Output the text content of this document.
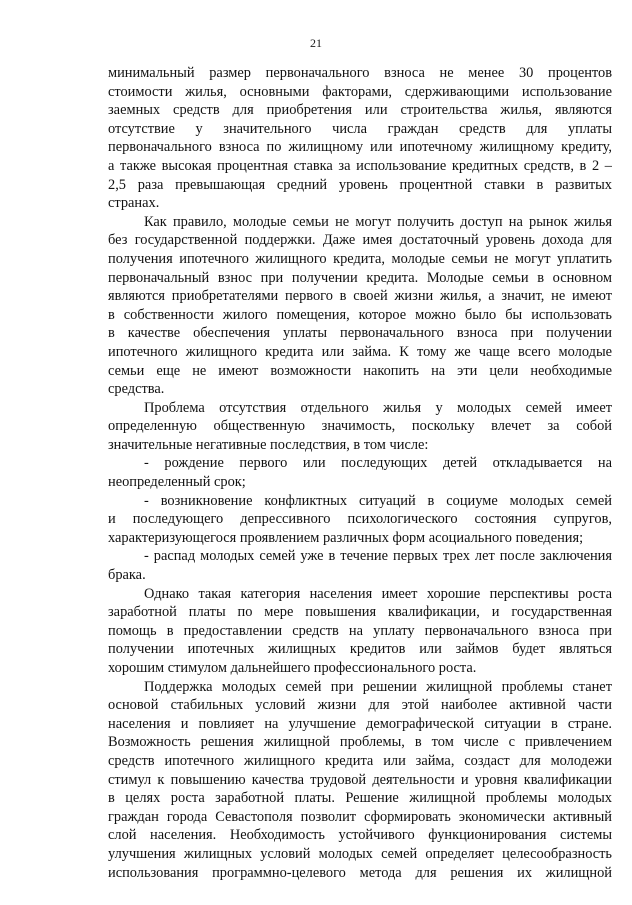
21
минимальный размер первоначального взноса не менее 30 процентов
стоимости жилья, основными факторами, сдерживающими использование
заемных средств для приобретения или строительства жилья, являются
отсутствие у значительного числа граждан средств для уплаты
первоначального взноса по жилищному или ипотечному жилищному кредиту,
а также высокая процентная ставка за использование кредитных средств, в 2 –
2,5 раза превышающая средний уровень процентной ставки в развитых
странах.
Как правило, молодые семьи не могут получить доступ на рынок жилья
без государственной поддержки. Даже имея достаточный уровень дохода для
получения ипотечного жилищного кредита, молодые семьи не могут уплатить
первоначальный взнос при получении кредита. Молодые семьи в основном
являются приобретателями первого в своей жизни жилья, а значит, не имеют
в собственности жилого помещения, которое можно было бы использовать
в качестве обеспечения уплаты первоначального взноса при получении
ипотечного жилищного кредита или займа. К тому же чаще всего молодые
семьи еще не имеют возможности накопить на эти цели необходимые
средства.
Проблема отсутствия отдельного жилья у молодых семей имеет
определенную общественную значимость, поскольку влечет за собой
значительные негативные последствия, в том числе:
- рождение первого или последующих детей откладывается на
неопределенный срок;
- возникновение конфликтных ситуаций в социуме молодых семей
и последующего депрессивного психологического состояния супругов,
характеризующегося проявлением различных форм асоциального поведения;
- распад молодых семей уже в течение первых трех лет после заключения
брака.
Однако такая категория населения имеет хорошие перспективы роста
заработной платы по мере повышения квалификации, и государственная
помощь в предоставлении средств на уплату первоначального взноса при
получении ипотечных жилищных кредитов или займов будет являться
хорошим стимулом дальнейшего профессионального роста.
Поддержка молодых семей при решении жилищной проблемы станет
основой стабильных условий жизни для этой наиболее активной части
населения и повлияет на улучшение демографической ситуации в стране.
Возможность решения жилищной проблемы, в том числе с привлечением
средств ипотечного жилищного кредита или займа, создаст для молодежи
стимул к повышению качества трудовой деятельности и уровня квалификации
в целях роста заработной платы. Решение жилищной проблемы молодых
граждан города Севастополя позволит сформировать экономически активный
слой населения. Необходимость устойчивого функционирования системы
улучшения жилищных условий молодых семей определяет целесообразность
использования программно-целевого метода для решения их жилищной
